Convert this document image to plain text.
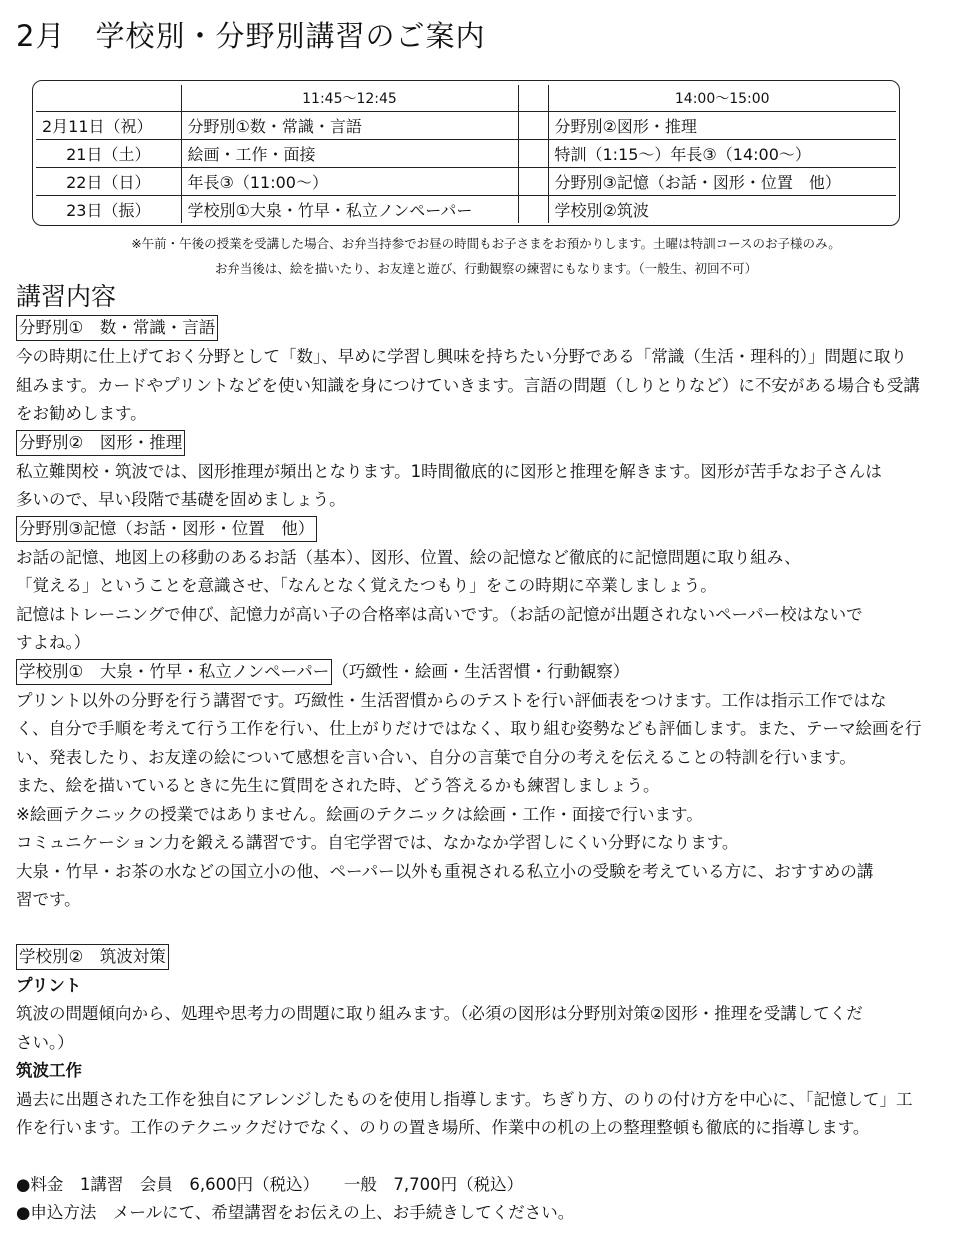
2月　学校別・分野別講習のご案内
	11:45～12:45		14:00～15:00
2月11日（祝）	分野別①数・常識・言語		分野別②図形・推理
21日（土）	絵画・工作・面接		特訓（1:15～）年長③（14:00～）
22日（日）	年長③（11:00～）		分野別③記憶（お話・図形・位置　他）
23日（振）	学校別①大泉・竹早・私立ノンペーパー		学校別②筑波
※午前・午後の授業を受講した場合、お弁当持参でお昼の時間もお子さまをお預かりします。土曜は特訓コースのお子様のみ。
お弁当後は、絵を描いたり、お友達と遊び、行動観察の練習にもなります。（一般生、初回不可）

講習内容

分野別①　数・常識・言語

今の時期に仕上げておく分野として「数」、早めに学習し興味を持ちたい分野である「常識（生活・理科的）」問題に取り

組みます。カードやプリントなどを使い知識を身につけていきます。言語の問題（しりとりなど）に不安がある場合も受講

をお勧めします。

分野別②　図形・推理

私立難関校・筑波では、図形推理が頻出となります。1時間徹底的に図形と推理を解きます。図形が苦手なお子さんは

多いので、早い段階で基礎を固めましょう。

分野別③記憶（お話・図形・位置　他）

お話の記憶、地図上の移動のあるお話（基本）、図形、位置、絵の記憶など徹底的に記憶問題に取り組み、

「覚える」ということを意識させ、「なんとなく覚えたつもり」をこの時期に卒業しましょう。

記憶はトレーニングで伸び、記憶力が高い子の合格率は高いです。（お話の記憶が出題されないペーパー校はないで

すよね。）

学校別①　大泉・竹早・私立ノンペーパー （巧緻性・絵画・生活習慣・行動観察）

プリント以外の分野を行う講習です。巧緻性・生活習慣からのテストを行い評価表をつけます。工作は指示工作ではな

く、自分で手順を考えて行う工作を行い、仕上がりだけではなく、取り組む姿勢なども評価します。また、テーマ絵画を行

い、発表したり、お友達の絵について感想を言い合い、自分の言葉で自分の考えを伝えることの特訓を行います。

また、絵を描いているときに先生に質問をされた時、どう答えるかも練習しましょう。

※絵画テクニックの授業ではありません。絵画のテクニックは絵画・工作・面接で行います。

コミュニケーション力を鍛える講習です。自宅学習では、なかなか学習しにくい分野になります。

大泉・竹早・お茶の水などの国立小の他、ペーパー以外も重視される私立小の受験を考えている方に、おすすめの講

習です。

学校別②　筑波対策

プリント

筑波の問題傾向から、処理や思考力の問題に取り組みます。（必須の図形は分野別対策②図形・推理を受講してくだ

さい。）

筑波工作

過去に出題された工作を独自にアレンジしたものを使用し指導します。ちぎり方、のりの付け方を中心に、「記憶して」工

作を行います。工作のテクニックだけでなく、のりの置き場所、作業中の机の上の整理整頓も徹底的に指導します。

●料金　1講習　会員　6,600円（税込）　　一般　7,700円（税込）

●申込方法　メールにて、希望講習をお伝えの上、お手続きしてください。
